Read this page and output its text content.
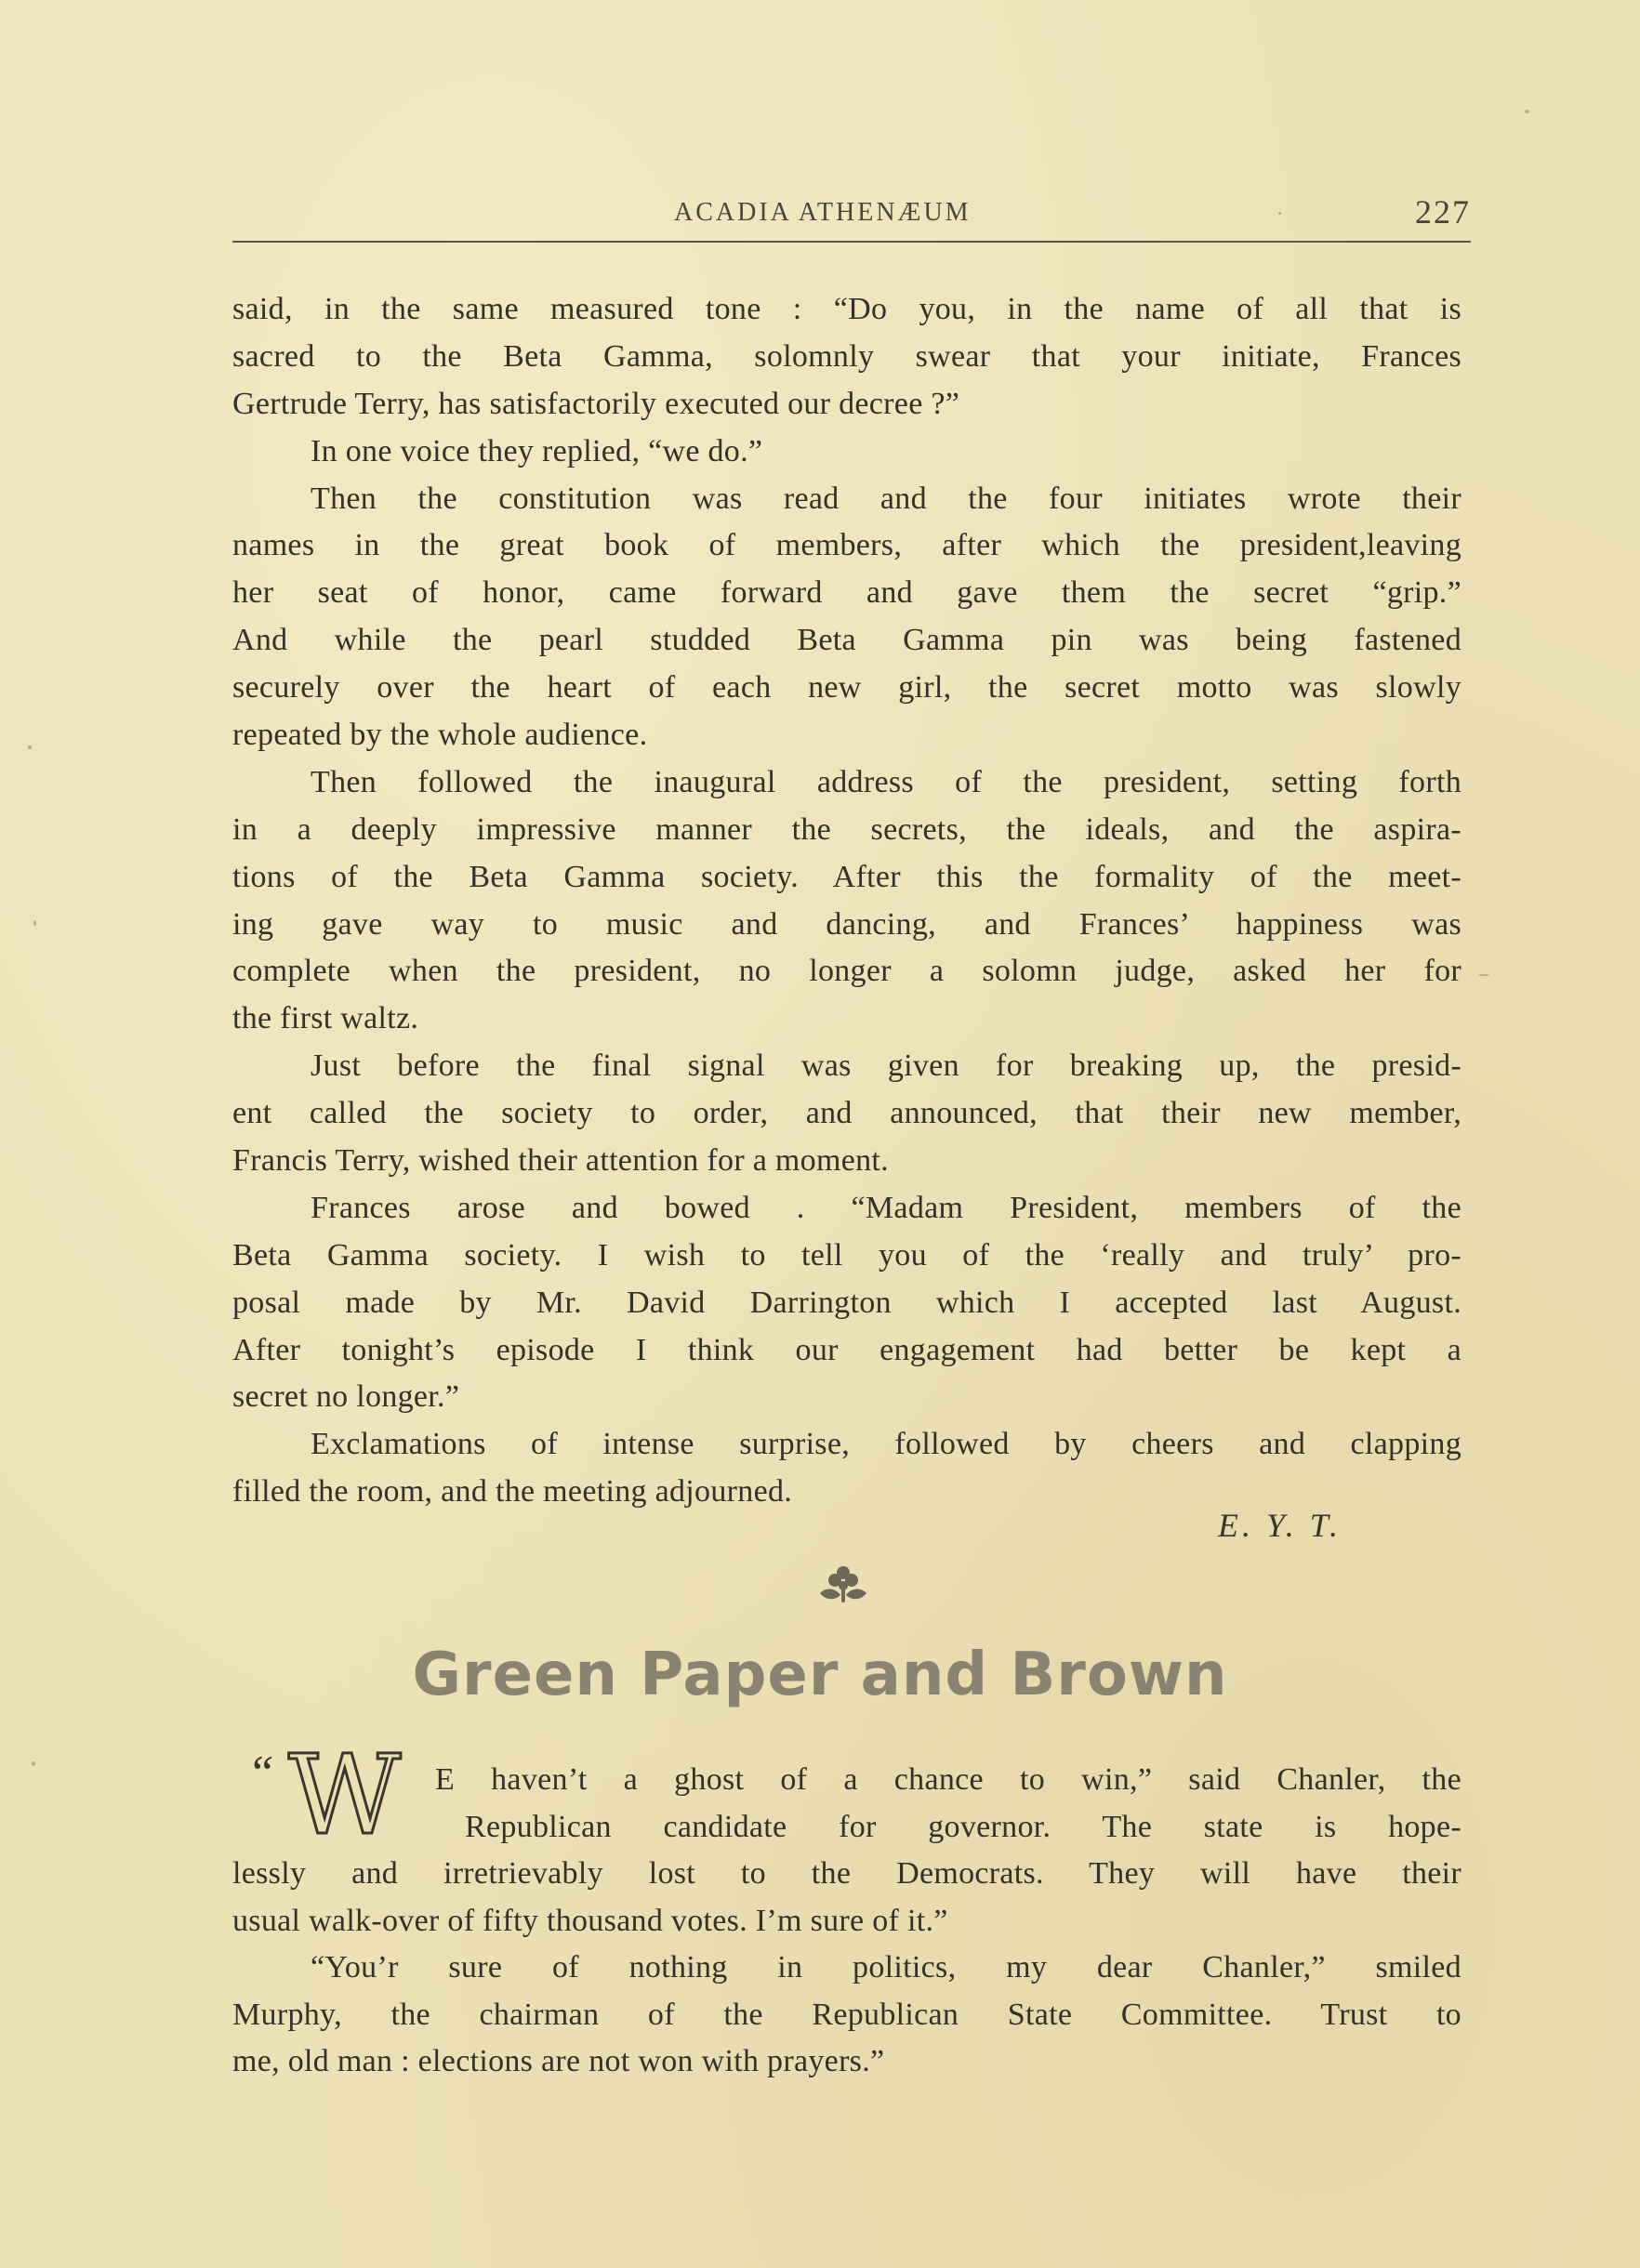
ACADIA ATHENÆUM	227
said, in the same measured tone : “Do you, in the name of all that is
sacred to the Beta Gamma, solomnly swear that your initiate, Frances
Gertrude Terry, has satisfactorily executed our decree ?”
In one voice they replied, “we do.”
Then the constitution was read and the four initiates wrote their
names in the great book of members, after which the president,leaving
her seat of honor, came forward and gave them the secret “grip.”
And while the pearl studded Beta Gamma pin was being fastened
securely over the heart of each new girl, the secret motto was slowly
repeated by the whole audience.
Then followed the inaugural address of the president, setting forth
in a deeply impressive manner the secrets, the ideals, and the aspira-
tions of the Beta Gamma society. After this the formality of the meet-
ing gave way to music and dancing, and Frances’ happiness was
complete when the president, no longer a solomn judge, asked her for
the first waltz.
Just before the final signal was given for breaking up, the presid-
ent called the society to order, and announced, that their new member,
Francis Terry, wished their attention for a moment.
Frances arose and bowed . “Madam President, members of the
Beta Gamma society. I wish to tell you of the ‘really and truly’ pro-
posal made by Mr. David Darrington which I accepted last August.
After tonight’s episode I think our engagement had better be kept a
secret no longer.”
Exclamations of intense surprise, followed by cheers and clapping
filled the room, and the meeting adjourned.
E. Y. T.
Green Paper and Brown
“ W E haven’t a ghost of a chance to win,” said Chanler, the
Republican candidate for governor. The state is hope-
lessly and irretrievably lost to the Democrats. They will have their
usual walk-over of fifty thousand votes. I’m sure of it.”
“You’r sure of nothing in politics, my dear Chanler,” smiled
Murphy, the chairman of the Republican State Committee. Trust to
me, old man : elections are not won with prayers.”
